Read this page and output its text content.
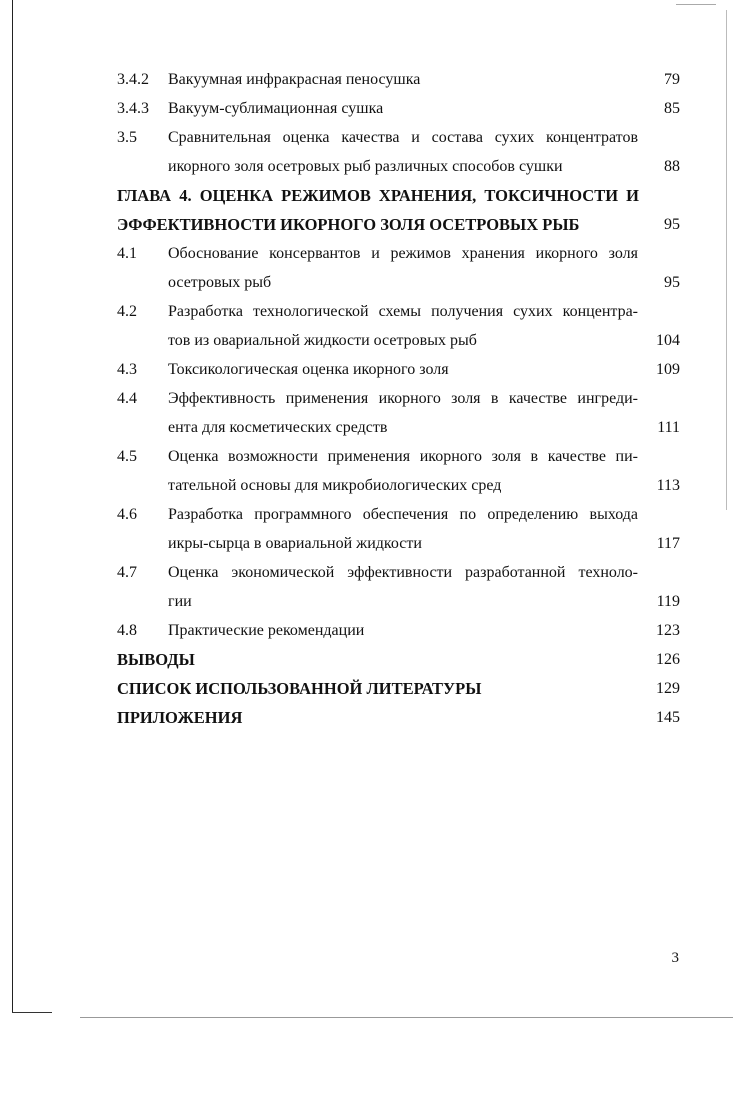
3.4.2 Вакуумная инфракрасная пеносушка	79
3.4.3 Вакуум-сублимационная сушка	85
3.5 Сравнительная оценка качества и состава сухих концентратов
икорного золя осетровых рыб различных способов сушки	88
ГЛАВА 4. ОЦЕНКА РЕЖИМОВ ХРАНЕНИЯ, ТОКСИЧНОСТИ И
ЭФФЕКТИВНОСТИ ИКОРНОГО ЗОЛЯ ОСЕТРОВЫХ РЫБ	95
4.1 Обоснование консервантов и режимов хранения икорного золя
осетровых рыб	95
4.2 Разработка технологической схемы получения сухих концентра-
тов из овариальной жидкости осетровых рыб	104
4.3 Токсикологическая оценка икорного золя	109
4.4 Эффективность применения икорного золя в качестве ингреди-
ента для косметических средств	111
4.5 Оценка возможности применения икорного золя в качестве пи-
тательной основы для микробиологических сред	113
4.6 Разработка программного обеспечения по определению выхода
икры-сырца в овариальной жидкости	117
4.7 Оценка экономической эффективности разработанной техноло-
гии	119
4.8 Практические рекомендации	123
ВЫВОДЫ	126
СПИСОК ИСПОЛЬЗОВАННОЙ ЛИТЕРАТУРЫ	129
ПРИЛОЖЕНИЯ	145
3
